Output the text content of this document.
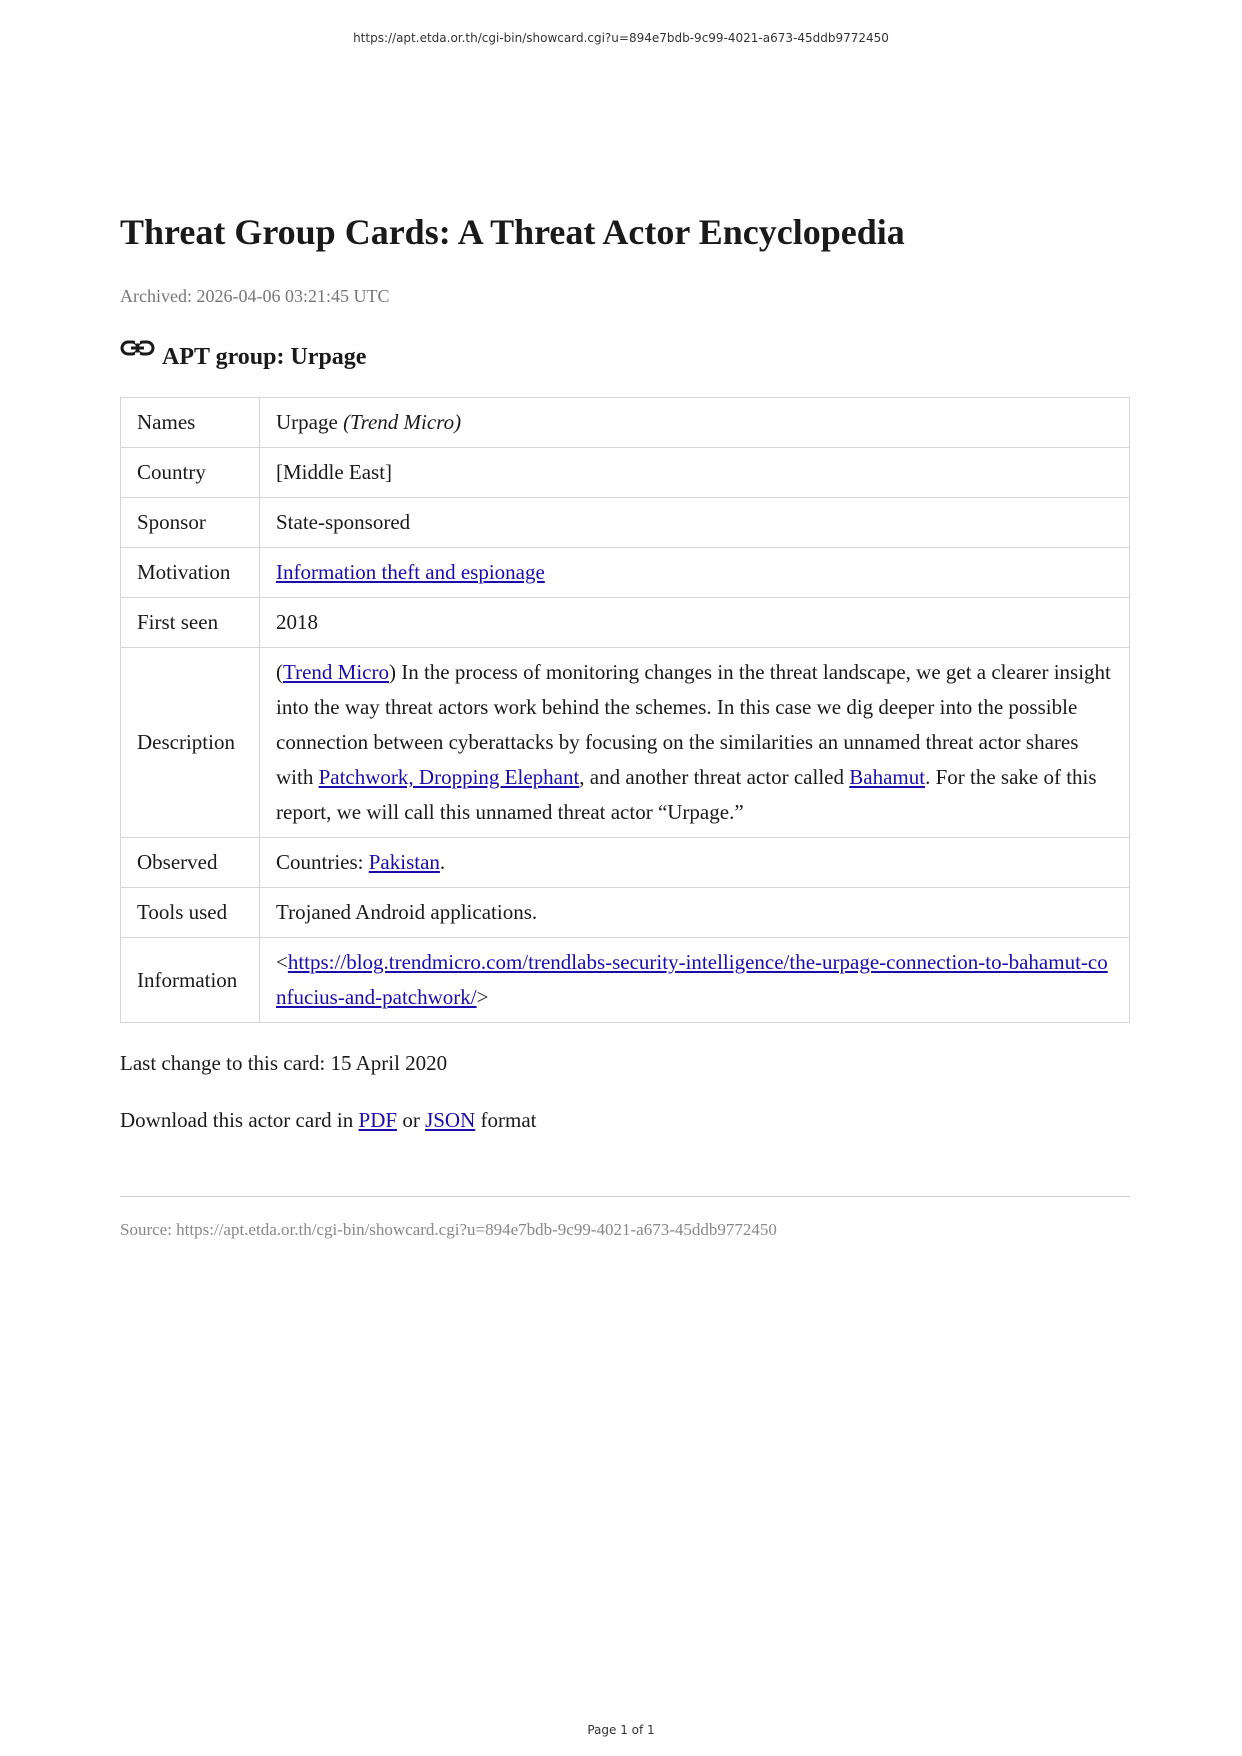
https://apt.etda.or.th/cgi-bin/showcard.cgi?u=894e7bdb-9c99-4021-a673-45ddb9772450
Threat Group Cards: A Threat Actor Encyclopedia
Archived: 2026-04-06 03:21:45 UTC
APT group: Urpage
Names	Urpage (Trend Micro)
Country	[Middle East]
Sponsor	State-sponsored
Motivation	Information theft and espionage
First seen	2018
Description	(Trend Micro) In the process of monitoring changes in the threat landscape, we get a clearer insight into the way threat actors work behind the schemes. In this case we dig deeper into the possible connection between cyberattacks by focusing on the similarities an unnamed threat actor shares with Patchwork, Dropping Elephant, and another threat actor called Bahamut. For the sake of this report, we will call this unnamed threat actor “Urpage.”
Observed	Countries: Pakistan.
Tools used	Trojaned Android applications.
Information	<https://blog.trendmicro.com/trendlabs-security-intelligence/the-urpage-connection-to-bahamut-confucius-and-patchwork/>
Last change to this card: 15 April 2020
Download this actor card in PDF or JSON format
Source: https://apt.etda.or.th/cgi-bin/showcard.cgi?u=894e7bdb-9c99-4021-a673-45ddb9772450
Page 1 of 1
